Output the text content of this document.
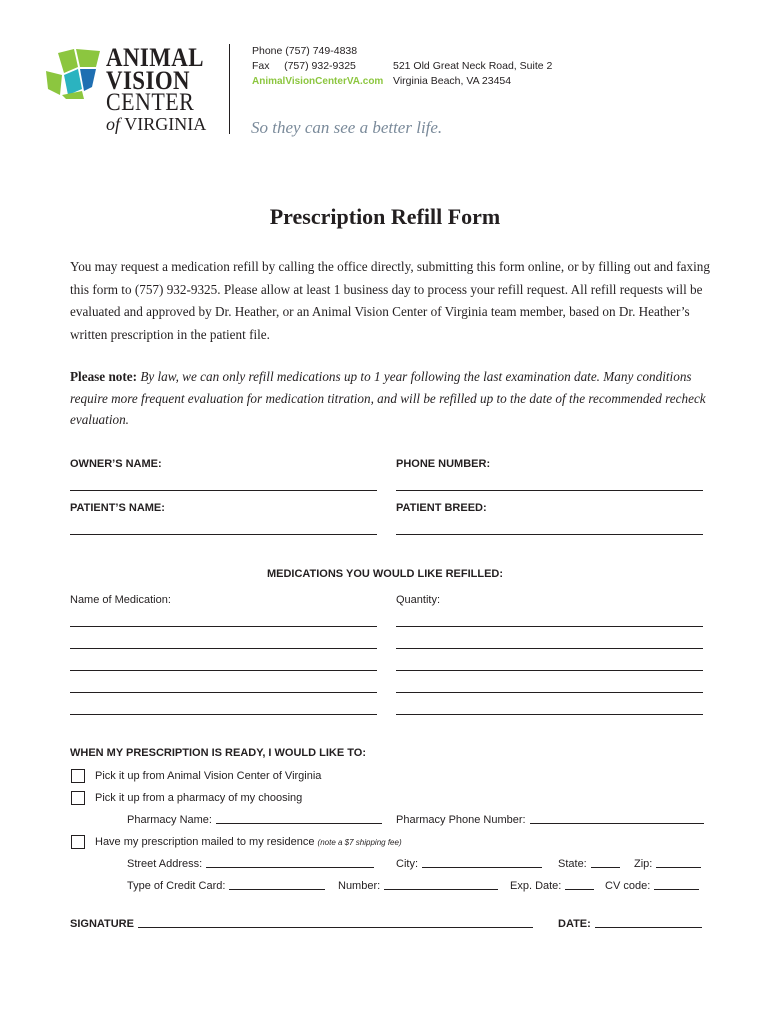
ANIMAL
VISION
CENTER
of VIRGINIA
Phone (757) 749-4838
Fax     (757) 932-9325
AnimalVisionCenterVA.com
521 Old Great Neck Road, Suite 2
Virginia Beach, VA 23454
So they can see a better life.
Prescription Refill Form
You may request a medication refill by calling the office directly, submitting this form online, or by filling out and faxing this form to (757) 932-9325. Please allow at least 1 business day to process your refill request. All refill requests will be evaluated and approved by Dr. Heather, or an Animal Vision Center of Virginia team member, based on Dr. Heather’s written prescription in the patient file.
Please note: By law, we can only refill medications up to 1 year following the last examination date. Many conditions require more frequent evaluation for medication titration, and will be refilled up to the date of the recommended recheck evaluation.
OWNER’S NAME:	PHONE NUMBER:
PATIENT’S NAME:	PATIENT BREED:
MEDICATIONS YOU WOULD LIKE REFILLED:
Name of Medication:	Quantity:
WHEN MY PRESCRIPTION IS READY, I WOULD LIKE TO:
Pick it up from Animal Vision Center of Virginia
Pick it up from a pharmacy of my choosing
Pharmacy Name:	Pharmacy Phone Number:
Have my prescription mailed to my residence (note a $7 shipping fee)
Street Address:	City:	State:	Zip:
Type of Credit Card:	Number:	Exp. Date:	CV code:
SIGNATURE	DATE:
